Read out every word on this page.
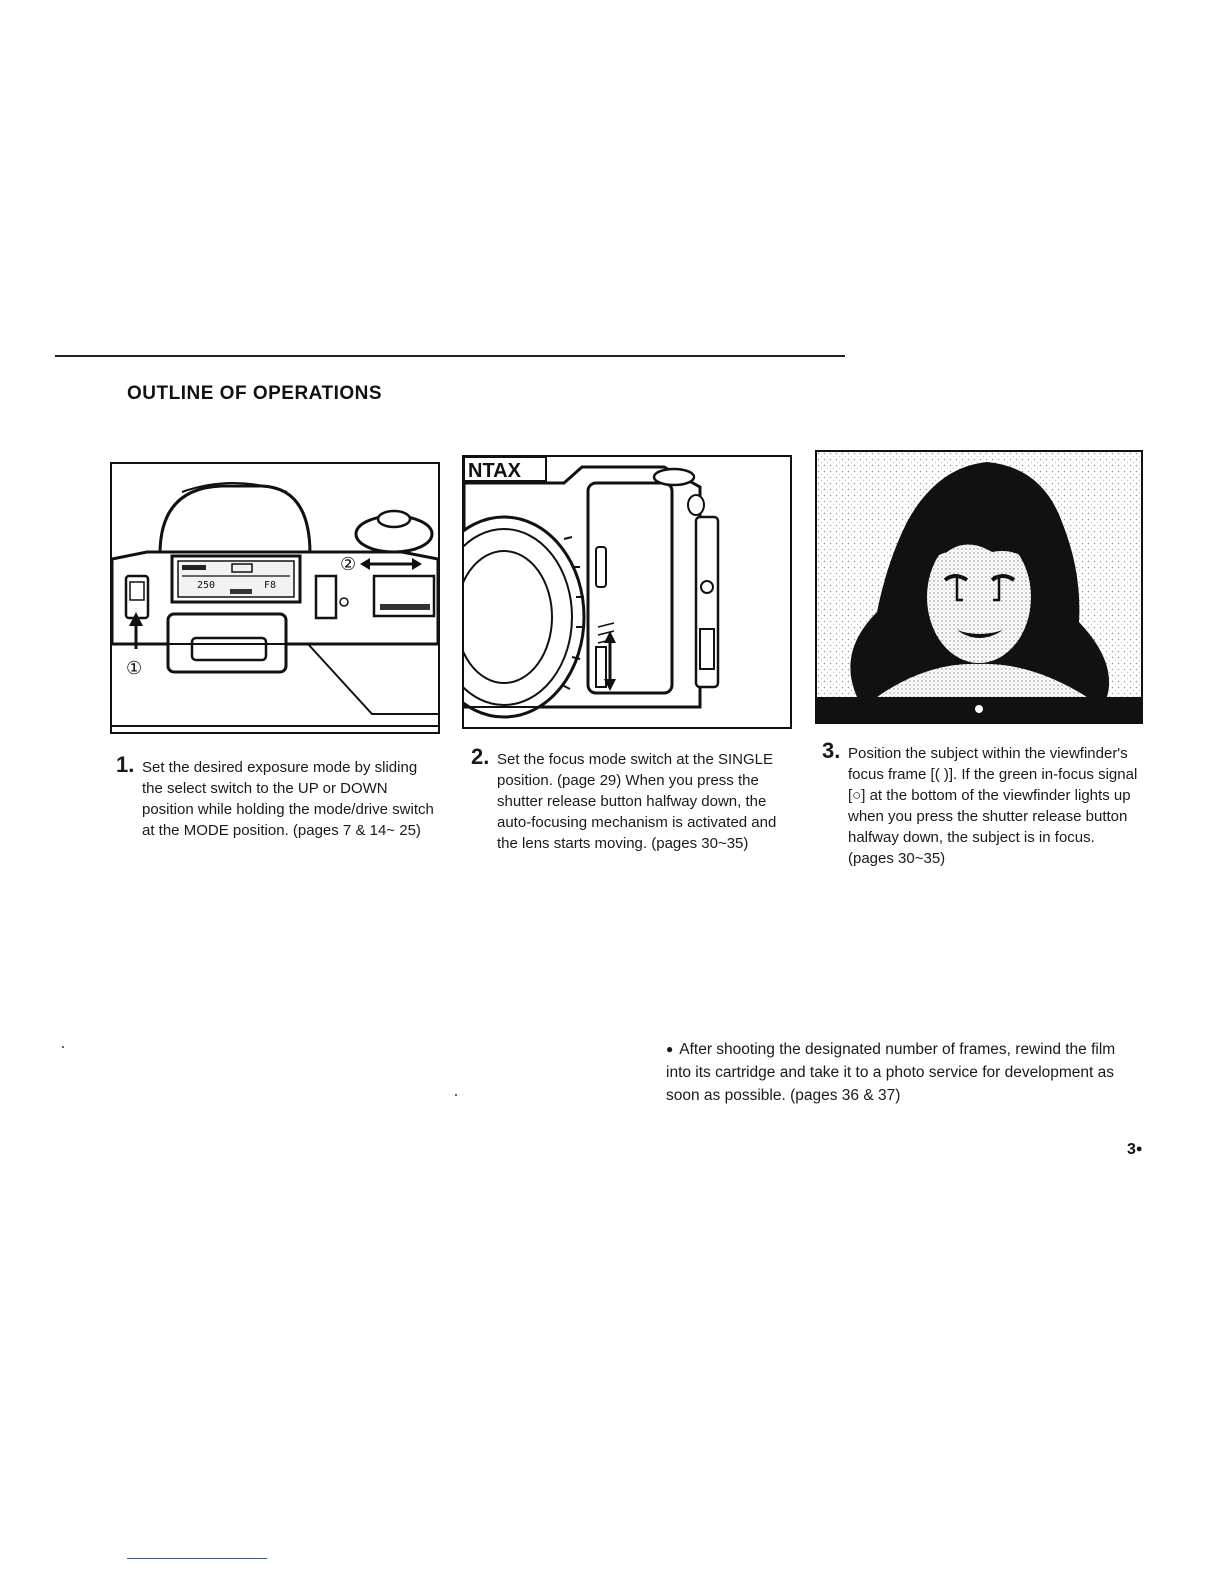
OUTLINE OF OPERATIONS
250	F8
②
①
NTAX
1. Set the desired exposure mode by sliding the select switch to the UP or DOWN position while holding the mode/drive switch at the MODE position. (pages 7 & 14~ 25)

2. Set the focus mode switch at the SINGLE position. (page 29) When you press the shutter release button halfway down, the auto-focusing mechanism is activated and the lens starts moving. (pages 30~35)

3. Position the subject within the viewfinder's focus frame [( )]. If the green in-focus signal [○] at the bottom of the viewfinder lights up when you press the shutter release button halfway down, the subject is in focus. (pages 30~35)

● After shooting the designated number of frames, rewind the film into its cartridge and take it to a photo service for development as soon as possible. (pages 36 & 37)
3●
